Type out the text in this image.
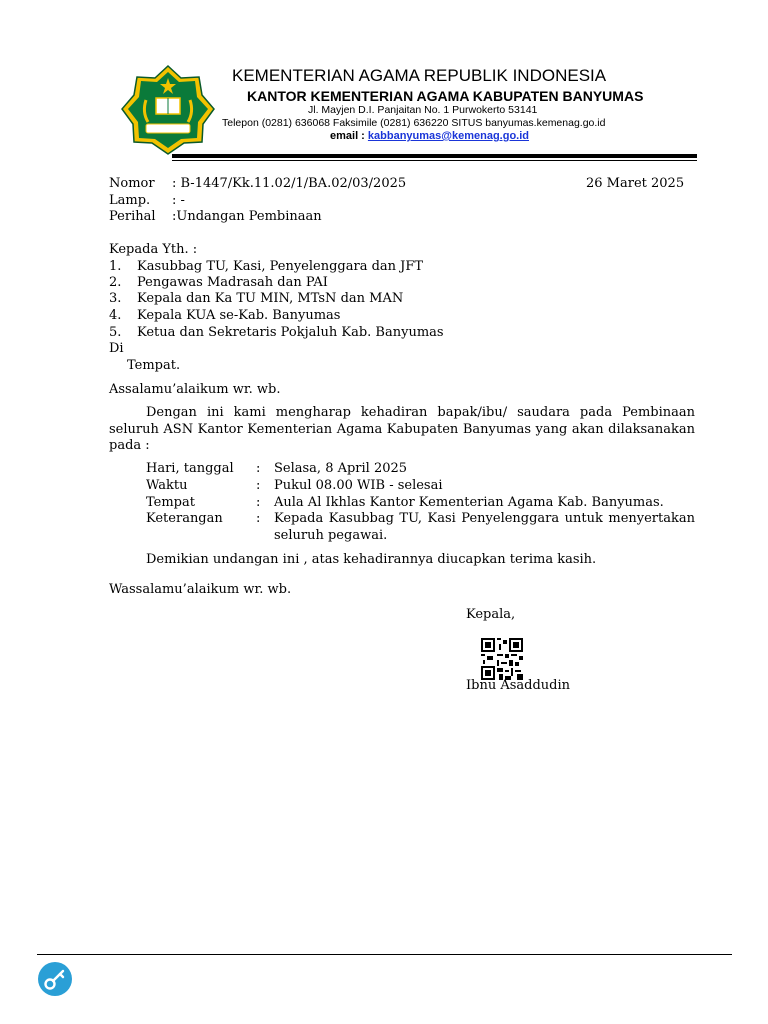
KEMENTERIAN AGAMA REPUBLIK INDONESIA
KANTOR KEMENTERIAN AGAMA KABUPATEN BANYUMAS
Jl. Mayjen D.I. Panjaitan No. 1 Purwokerto 53141
Telepon (0281) 636068 Faksimile (0281) 636220 SITUS banyumas.kemenag.go.id
email : kabbanyumas@kemenag.go.id
Nomor : B-1447/Kk.11.02/1/BA.02/03/2025	26 Maret 2025
Lamp. : -
Perihal :Undangan Pembinaan
Kepada Yth. :
1. Kasubbag TU, Kasi, Penyelenggara dan JFT
2. Pengawas Madrasah dan PAI
3. Kepala dan Ka TU MIN, MTsN dan MAN
4. Kepala KUA se-Kab. Banyumas
5. Ketua dan Sekretaris Pokjaluh Kab. Banyumas
Di
Tempat.
Assalamu’alaikum wr. wb.
Dengan ini kami mengharap kehadiran bapak/ibu/ saudara pada Pembinaan seluruh ASN Kantor Kementerian Agama Kabupaten Banyumas yang akan dilaksanakan pada :
Hari, tanggal : Selasa, 8 April 2025
Waktu	: Pukul 08.00 WIB - selesai
Tempat	: Aula Al Ikhlas Kantor Kementerian Agama Kab. Banyumas.
Keterangan	: Kepada Kasubbag TU, Kasi Penyelenggara untuk menyertakan seluruh pegawai.
Demikian undangan ini , atas kehadirannya diucapkan terima kasih.
Wassalamu’alaikum wr. wb.
Kepala,
Ibnu Asaddudin
